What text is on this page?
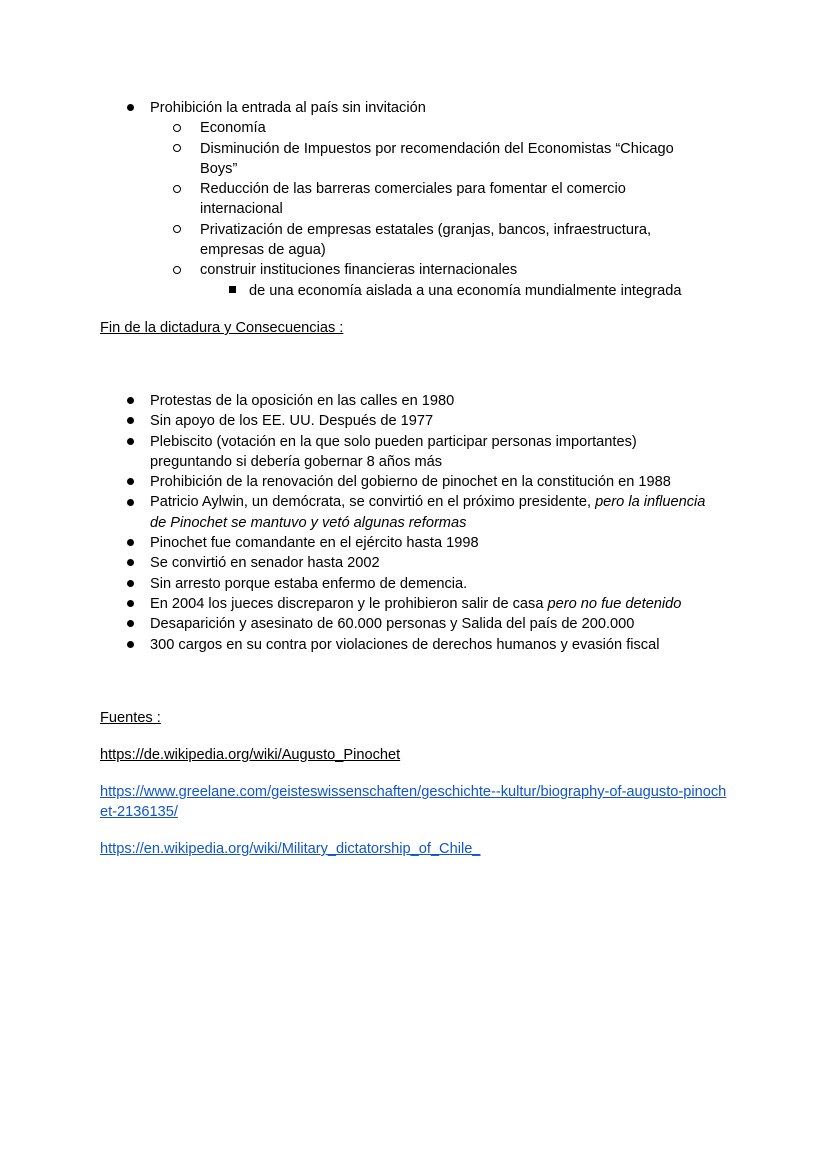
Prohibición la entrada al país sin invitación
Economía
Disminución de Impuestos por recomendación del Economistas “Chicago Boys”
Reducción de las barreras comerciales para fomentar el comercio internacional
Privatización de empresas estatales (granjas, bancos, infraestructura, empresas de agua)
construir instituciones financieras internacionales
de una economía aislada a una economía mundialmente integrada
Fin de la dictadura y Consecuencias :
Protestas de la oposición en las calles en 1980
Sin apoyo de los EE. UU. Después de 1977
Plebiscito (votación en la que solo pueden participar personas importantes) preguntando si debería gobernar 8 años más
Prohibición de la renovación del gobierno de pinochet en la constitución en 1988
Patricio Aylwin, un demócrata, se convirtió en el próximo presidente, pero la influencia de Pinochet se mantuvo y vetó algunas reformas
Pinochet fue comandante en el ejército hasta 1998
Se convirtió en senador hasta 2002
Sin arresto porque estaba enfermo de demencia.
En 2004 los jueces discreparon y le prohibieron salir de casa pero no fue detenido
Desaparición y asesinato de 60.000 personas y Salida del país de 200.000
300 cargos en su contra por violaciones de derechos humanos y evasión fiscal
Fuentes :
https://de.wikipedia.org/wiki/Augusto_Pinochet
https://www.greelane.com/geisteswissenschaften/geschichte--kultur/biography-of-augusto-pinochet-2136135/
https://en.wikipedia.org/wiki/Military_dictatorship_of_Chile_
